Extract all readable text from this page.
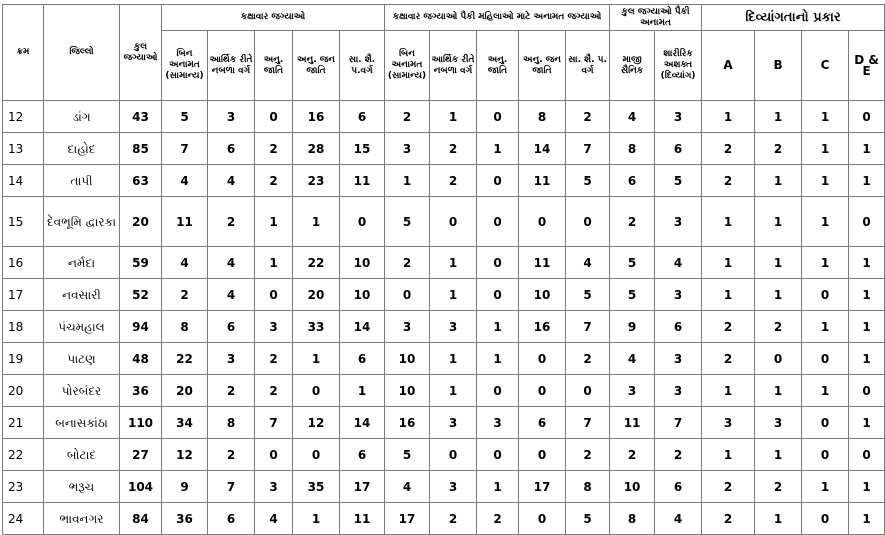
ક્રમ	જિલ્લો	કુલ જગ્યાઓ	કક્ષાવાર જગ્યાઓ					કક્ષાવાર જગ્યાઓ પૈકી મહિલાઓ માટે અનામત જગ્યાઓ					કુલ જગ્યાઓ પૈકી અનામત		દિવ્યાંગતાનો પ્રકાર			
			બિન અનામત (સામાન્ય)	આર્થિક રીતે નબળા વર્ગ	અનુ. જાતિ	અનુ. જન જાતિ	સા. શૈ. પ.વર્ગ	બિન અનામત (સામાન્ય)	આર્થિક રીતે નબળા વર્ગ	અનુ. જાતિ	અનુ. જન જાતિ	સા. શૈ. પ. વર્ગ	માજી સૈનિક	શારીરિક અશક્ત (દિવ્યાંગ)	A	B	C	D & E
12	ડાંગ	43	5	3	0	16	6	2	1	0	8	2	4	3	1	1	1	0
13	દાહોદ	85	7	6	2	28	15	3	2	1	14	7	8	6	2	2	1	1
14	તાપી	63	4	4	2	23	11	1	2	0	11	5	6	5	2	1	1	1
15	દેવભૂમિ દ્વારકા	20	11	2	1	1	0	5	0	0	0	0	2	3	1	1	1	0
16	નર્મદા	59	4	4	1	22	10	2	1	0	11	4	5	4	1	1	1	1
17	નવસારી	52	2	4	0	20	10	0	1	0	10	5	5	3	1	1	0	1
18	પંચમહાલ	94	8	6	3	33	14	3	3	1	16	7	9	6	2	2	1	1
19	પાટણ	48	22	3	2	1	6	10	1	1	0	2	4	3	2	0	0	1
20	પોરબંદર	36	20	2	2	0	1	10	1	0	0	0	3	3	1	1	1	0
21	બનાસકાંઠા	110	34	8	7	12	14	16	3	3	6	7	11	7	3	3	0	1
22	બોટાદ	27	12	2	0	0	6	5	0	0	0	2	2	2	1	1	0	0
23	ભરૂચ	104	9	7	3	35	17	4	3	1	17	8	10	6	2	2	1	1
24	ભાવનગર	84	36	6	4	1	11	17	2	2	0	5	8	4	2	1	0	1
